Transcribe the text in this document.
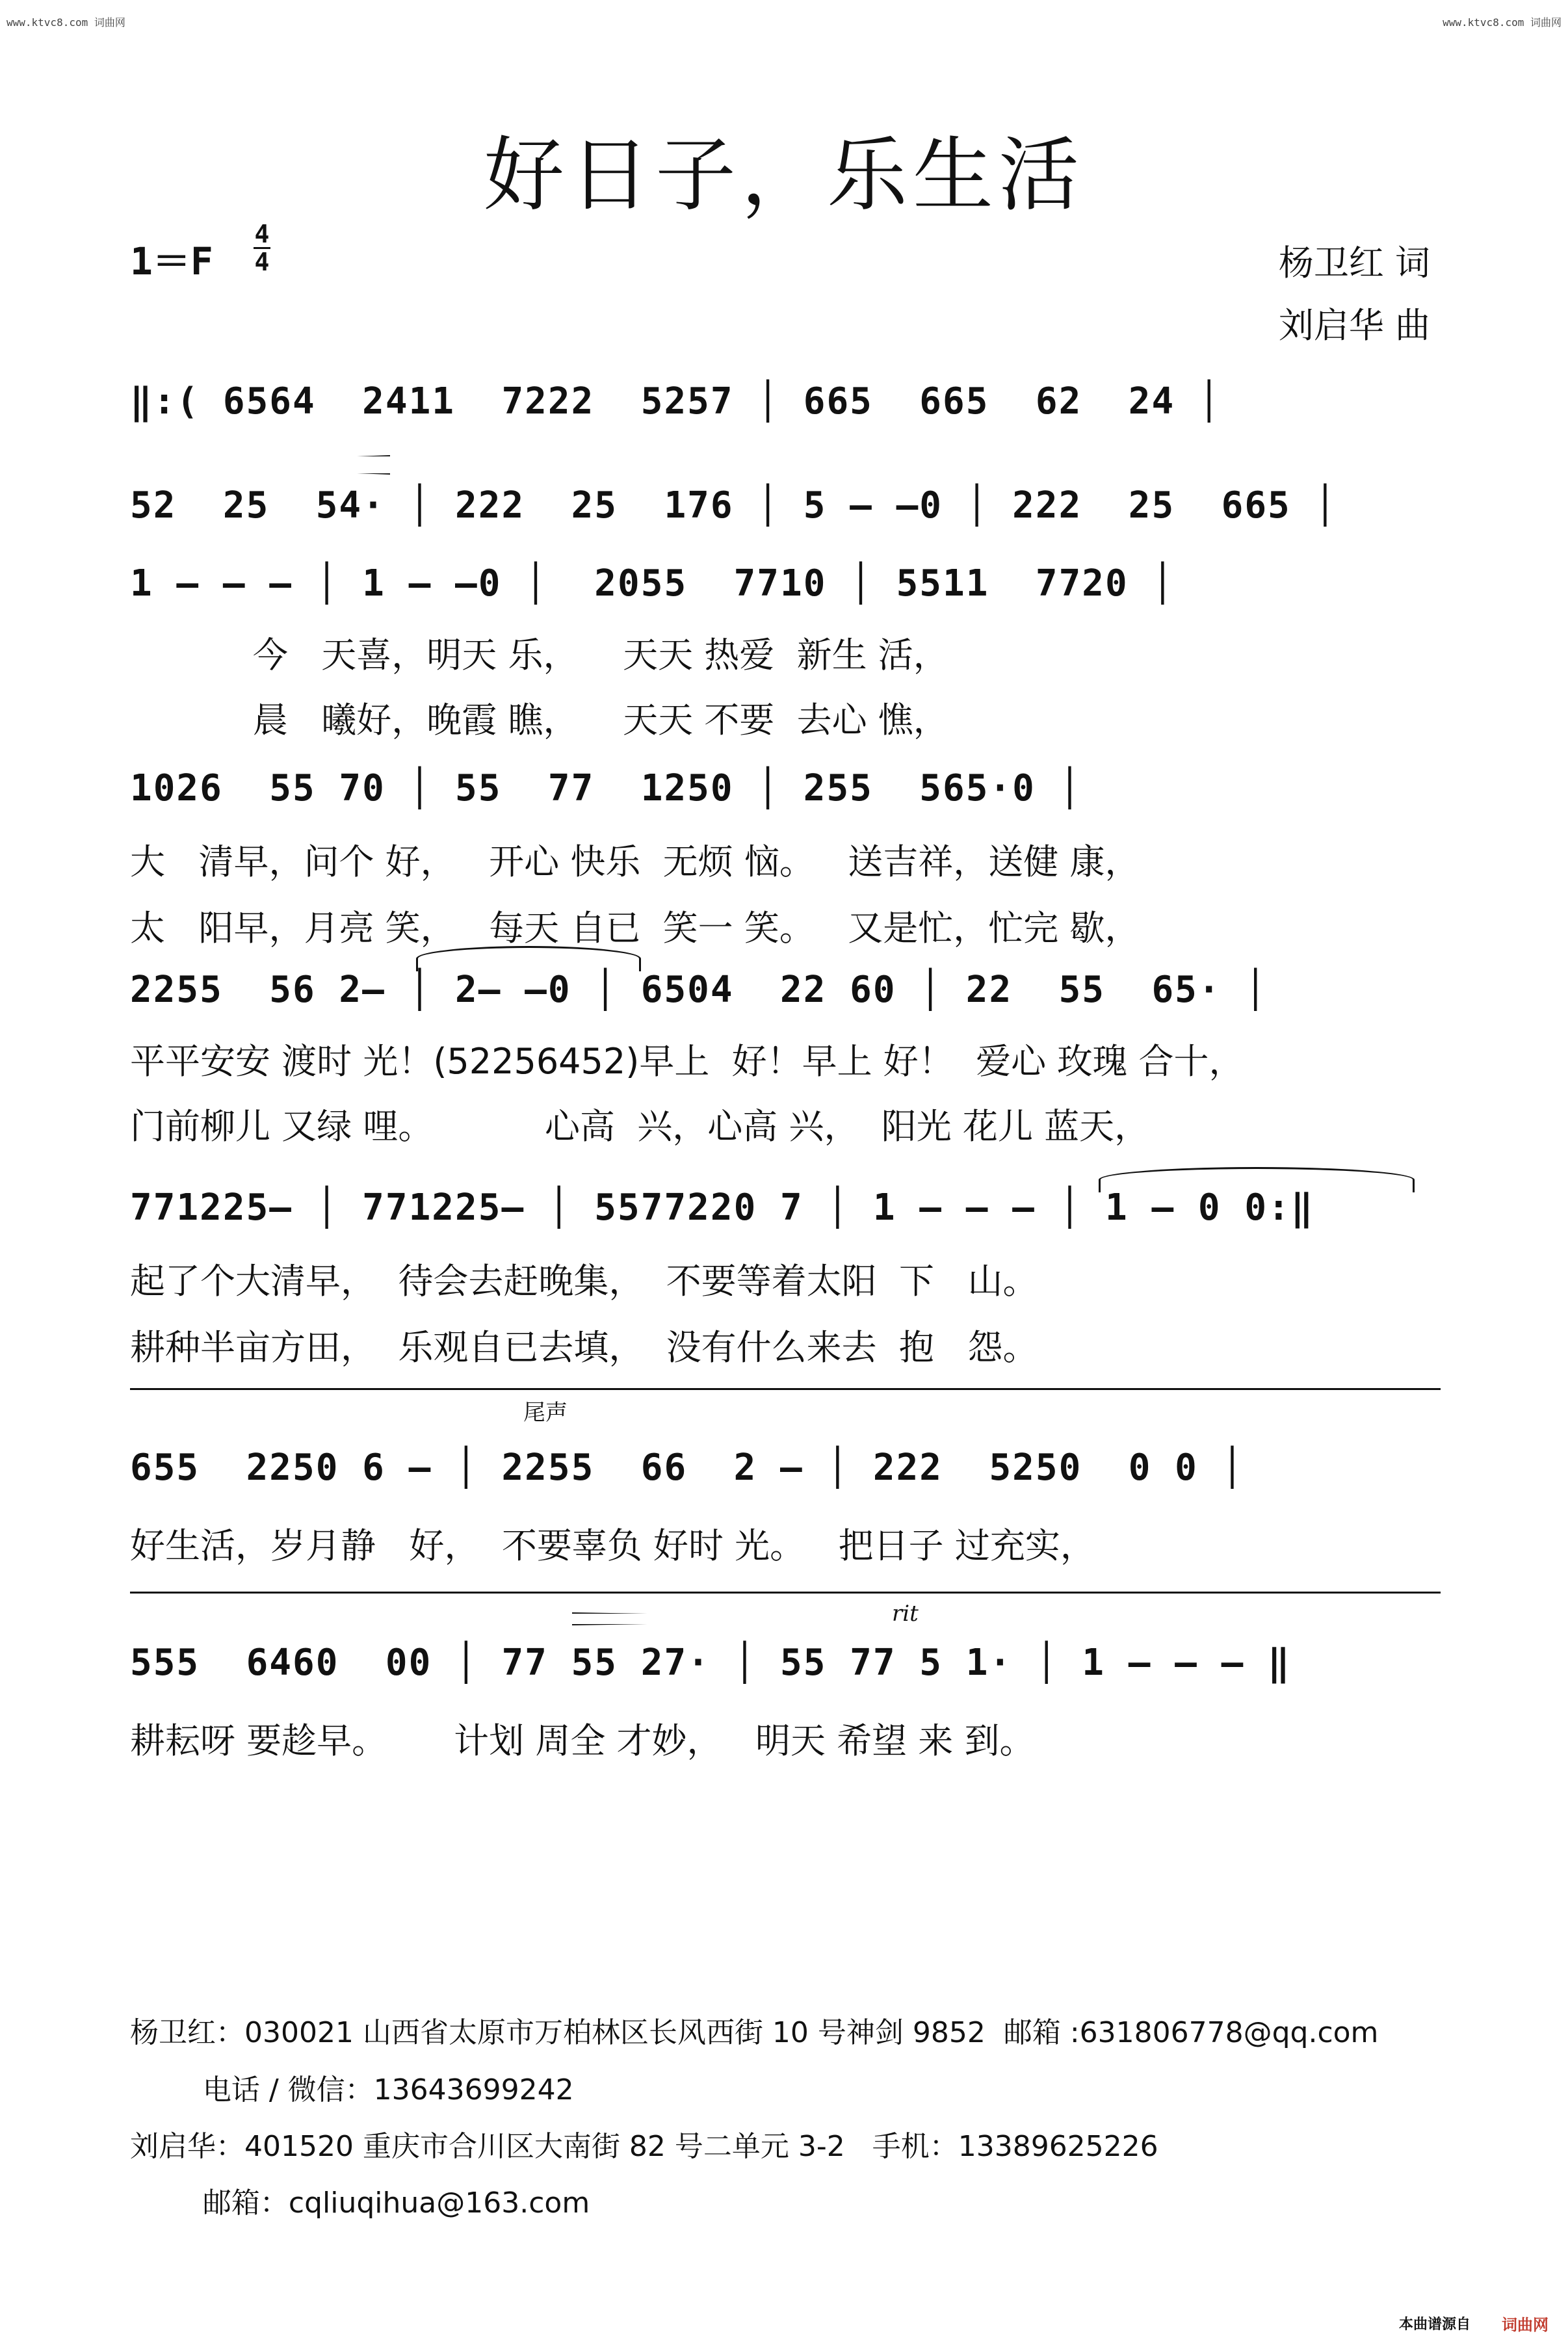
www.ktvc8.com 词曲网	www.ktvc8.com 词曲网
好日子，乐生活
1＝F
4
4	杨卫红 词
刘启华 曲
‖:( 6564  2411  7222  5257 │ 665  665  62  24 │
52  25  54· │ 222  25  176 │ 5 – –0 │ 222  25  665 │
1 – – – │ 1 – –0 │  2055  7710 │ 5511  7720 │
今   天喜，明天 乐，    天天 热爱  新生 活，
晨   曦好，晚霞 瞧，    天天 不要  去心 憔，
1026  55 70 │ 55  77  1250 │ 255  565·0 │
大   清早，问个 好，   开心 快乐  无烦 恼。   送吉祥，送健 康，
太   阳早，月亮 笑，   每天 自已  笑一 笑。   又是忙，忙完 歇，
2255  56 2– │ 2– –0 │ 6504  22 60 │ 22  55  65· │
平平安安 渡时 光！(52256452)早上  好！早上 好！  爱心 玫瑰 合十，
门前柳儿 又绿 哩。          心高  兴，心高 兴，  阳光 花儿 蓝天，
771225– │ 771225– │ 5577220 7 │ 1 – – – │ 1 – 0 0:‖
起了个大清早，  待会去赶晚集，  不要等着太阳  下   山。
耕种半亩方田，  乐观自已去填，  没有什么来去  抱   怨。
尾声
655  2250 6 – │ 2255  66  2 – │ 222  5250  0 0 │
好生活，岁月静   好，  不要辜负 好时 光。   把日子 过充实，
rit
555  6460  00 │ 77 55 27· │ 55 77 5 1· │ 1 – – – ‖
耕耘呀 要趁早。      计划 周全 才妙，   明天 希望 来 到。
杨卫红：030021 山西省太原市万柏林区长风西街 10 号神剑 9852  邮箱 :631806778@qq.com
电话 / 微信：13643699242
刘启华：401520 重庆市合川区大南街 82 号二单元 3-2   手机：13389625226
邮箱：cqliuqihua@163.com
本曲谱源自 词曲网
